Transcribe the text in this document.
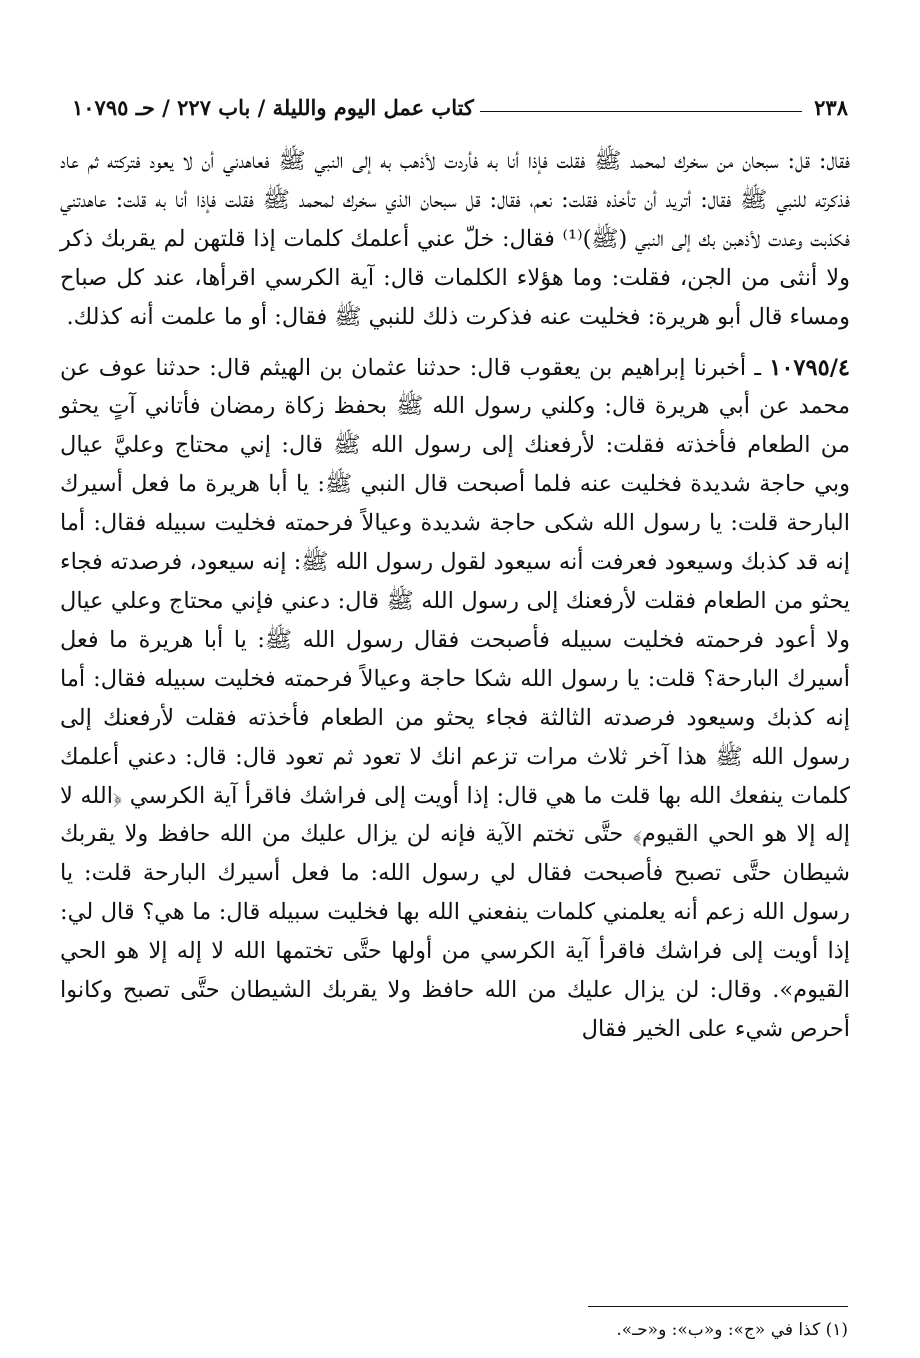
٢٣٨
كتاب عمل اليوم والليلة / باب ٢٢٧ / حـ ١٠٧٩٥

فقال: قل: سبحان من سخرك لمحمد ﷺ فقلت فإذا أنا به فأردت لأذهب به إلى النبي ﷺ فعاهدني أن لا يعود فتركته ثم عاد فذكرته للنبي ﷺ فقال: أتريد أن تأخذه فقلت: نعم، فقال: قل سبحان الذي سخرك لمحمد ﷺ فقلت فإذا أنا به قلت: عاهدتني فكذبت وعدت لأذهبن بك إلى النبي (ﷺ)⁽¹⁾ فقال: خلّ عني أعلمك كلمات إذا قلتهن لم يقربك ذكر ولا أنثى من الجن، فقلت: وما هؤلاء الكلمات قال: آية الكرسي اقرأها، عند كل صباح ومساء قال أبو هريرة: فخليت عنه فذكرت ذلك للنبي ﷺ فقال: أو ما علمت أنه كذلك.

١٠٧٩٥/٤ ـ أخبرنا إبراهيم بن يعقوب قال: حدثنا عثمان بن الهيثم قال: حدثنا عوف عن محمد عن أبي هريرة قال: وكلني رسول الله ﷺ بحفظ زكاة رمضان فأتاني آتٍ يحثو من الطعام فأخذته فقلت: لأرفعنك إلى رسول الله ﷺ قال: إني محتاج وعليَّ عيال وبي حاجة شديدة فخليت عنه فلما أصبحت قال النبي ﷺ: يا أبا هريرة ما فعل أسيرك البارحة قلت: يا رسول الله شكى حاجة شديدة وعيالاً فرحمته فخليت سبيله فقال: أما إنه قد كذبك وسيعود فعرفت أنه سيعود لقول رسول الله ﷺ: إنه سيعود، فرصدته فجاء يحثو من الطعام فقلت لأرفعنك إلى رسول الله ﷺ قال: دعني فإني محتاج وعلي عيال ولا أعود فرحمته فخليت سبيله فأصبحت فقال رسول الله ﷺ: يا أبا هريرة ما فعل أسيرك البارحة؟ قلت: يا رسول الله شكا حاجة وعيالاً فرحمته فخليت سبيله فقال: أما إنه كذبك وسيعود فرصدته الثالثة فجاء يحثو من الطعام فأخذته فقلت لأرفعنك إلى رسول الله ﷺ هذا آخر ثلاث مرات تزعم انك لا تعود ثم تعود قال: قال: دعني أعلمك كلمات ينفعك الله بها قلت ما هي قال: إذا أويت إلى فراشك فاقرأ آية الكرسي ﴿الله لا إله إلا هو الحي القيوم﴾ حتَّى تختم الآية فإنه لن يزال عليك من الله حافظ ولا يقربك شيطان حتَّى تصبح فأصبحت فقال لي رسول الله: ما فعل أسيرك البارحة قلت: يا رسول الله زعم أنه يعلمني كلمات ينفعني الله بها فخليت سبيله قال: ما هي؟ قال لي: إذا أويت إلى فراشك فاقرأ آية الكرسي من أولها حتَّى تختمها الله لا إله إلا هو الحي القيوم». وقال: لن يزال عليك من الله حافظ ولا يقربك الشيطان حتَّى تصبح وكانوا أحرص شيء على الخير فقال

(١) كذا في «ج»: و«ب»: و«حـ».
